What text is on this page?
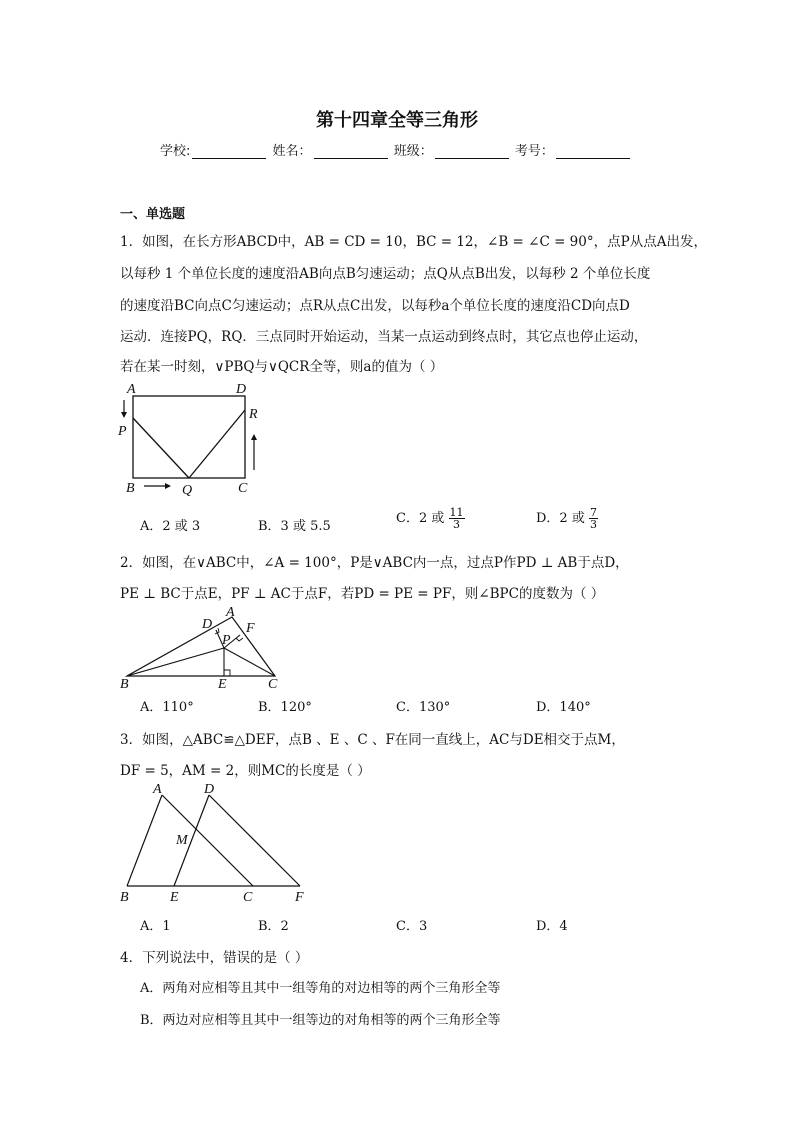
第十四章全等三角形
学校:	姓名：	班级：	考号：
一、单选题
1．如图，在长方形ABCD中，AB = CD = 10，BC = 12，∠B = ∠C = 90°，点P从点A出发，
以每秒 1 个单位长度的速度沿AB向点B匀速运动；点Q从点B出发，以每秒 2 个单位长度
的速度沿BC向点C匀速运动；点R从点C出发，以每秒a个单位长度的速度沿CD向点D
运动．连接PQ，RQ．三点同时开始运动，当某一点运动到终点时，其它点也停止运动，
若在某一时刻，∨PBQ与∨QCR全等，则a的值为（ ）
A	D
P
R
B	Q	C
A．2 或 3	B．3 或 5.5
C．2 或 $\frac{11}{3}$	D．2 或 $\frac{7}{3}$
2．如图，在∨ABC中，∠A = 100°，P是∨ABC内一点，过点P作PD ⊥ AB于点D，
PE ⊥ BC于点E，PF ⊥ AC于点F，若PD = PE = PF，则∠BPC的度数为（ ）
A
D F
P
B	E	C
A．110°	B．120°	C．130°	D．140°
3．如图，△ABC≌△DEF，点B 、E 、C 、F在同一直线上，AC与DE相交于点M，
DF = 5，AM = 2，则MC的长度是（ ）
A	D
M
B	E	C	F
A．1	B．2	C．3	D．4
4．下列说法中，错误的是（ ）
A．两角对应相等且其中一组等角的对边相等的两个三角形全等
B．两边对应相等且其中一组等边的对角相等的两个三角形全等
